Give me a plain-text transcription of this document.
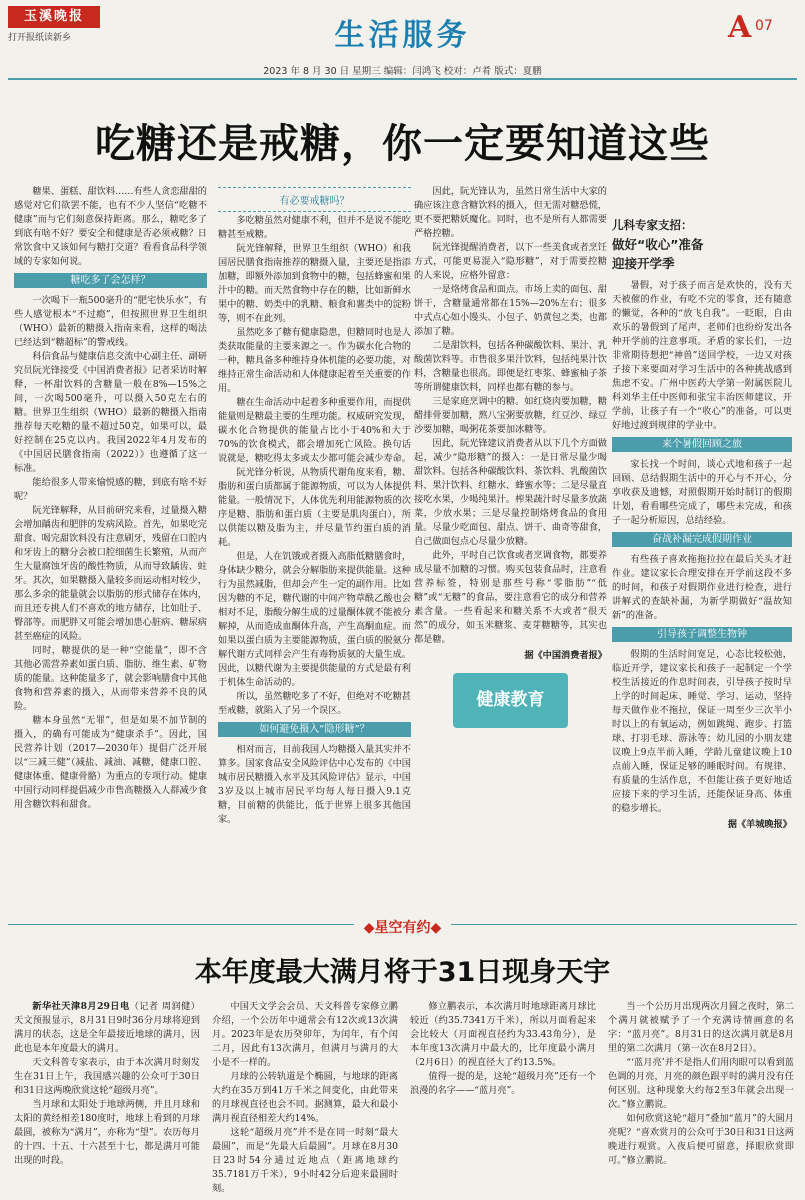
玉溪晚报
打开报纸读新乡	生活服务	A 07
2023 年 8 月 30 日 星期三 编辑：闫鸿飞 校对：卢肴 版式：夏鹏
吃糖还是戒糖，你一定要知道这些

糖果、蛋糕、甜饮料……有些人贪恋甜甜的感觉对它们欲罢不能，也有不少人坚信“吃糖不健康”而与它们刻意保持距离。那么，糖吃多了到底有啥不好？要安全和健康是否必须戒糖？日常饮食中又该如何与糖打交道？看看食品科学领域的专家如何说。

糖吃多了会怎样？

一次喝下一瓶500毫升的“肥宅快乐水”，有些人感觉根本“不过瘾”，但按照世界卫生组织（WHO）最新的糖摄入指南来看，这样的喝法已经达到“糖超标”的警戒线。

科信食品与健康信息交流中心副主任、副研究员阮光锋接受《中国消费者报》记者采访时解释，一杯甜饮料的含糖量一般在8%—15%之间，一次喝500毫升，可以摄入50克左右的糖。世界卫生组织（WHO）最新的糖摄入指南推荐每天吃糖的量不超过50克，如果可以，最好控制在25克以内。我国2022年4月发布的《中国居民膳食指南（2022）》也遵循了这一标准。

能给很多人带来愉悦感的糖，到底有啥不好呢？

阮光锋解释，从目前研究来看，过量摄入糖会增加龋齿和肥胖的发病风险。首先，如果吃完甜食、喝完甜饮料没有注意刷牙，残留在口腔内和牙齿上的糖分会被口腔细菌生长繁殖，从而产生大量腐蚀牙齿的酸性物质，从而导致龋齿、蛀牙。其次，如果糖摄入量较多而运动相对较少，那么多余的能量就会以脂肪的形式储存在体内，而且还专挑人们不喜欢的地方储存，比如肚子、臀部等。而肥胖又可能会增加患心脏病、糖尿病甚至癌症的风险。

同时，糖提供的是一种“空能量”，即不含其他必需营养素如蛋白质、脂肪、维生素、矿物质的能量。这种能量多了，就会影响膳食中其他食物和营养素的摄入，从而带来营养不良的风险。

糖本身虽然“无罪”，但是如果不加节制的摄入，的确有可能成为“健康杀手”。因此，国民营养计划（2017—2030年）提倡广泛开展以“三减三健”（减盐、减油、减糖，健康口腔、健康体重、健康骨骼）为重点的专项行动。健康中国行动同样提倡减少市售高糖摄入人群减少食用含糖饮料和甜食。

有必要戒糖吗？

多吃糖虽然对健康不利，但并不是说不能吃糖甚至戒糖。

阮光锋解释，世界卫生组织（WHO）和我国居民膳食指南推荐的糖摄入量，主要还是指添加糖，即额外添加到食物中的糖，包括蜂蜜和果汁中的糖。而天然食物中存在的糖，比如新鲜水果中的糖、奶类中的乳糖、粮食和薯类中的淀粉等，则不在此列。

虽然吃多了糖有健康隐患，但糖同时也是人类获取能量的主要来源之一。作为碳水化合物的一种，糖具备多种维持身体机能的必要功能，对维持正常生命活动和人体健康起着至关重要的作用。

糖在生命活动中起着多种重要作用，而提供能量则是糖最主要的生理功能。权威研究发现，碳水化合物提供的能量占比小于40%和大于70%的饮食模式，都会增加死亡风险。换句话说就是，糖吃得太多或太少都可能会减少寿命。

阮光锋分析说，从物质代谢角度来看，糖、脂肪和蛋白质都属于能源物质，可以为人体提供能量。一般情况下，人体优先利用能源物质的次序是糖、脂肪和蛋白质（主要是肌肉蛋白），所以供能以糖及脂为主，并尽量节约蛋白质的消耗。

但是，人在饥饿或者摄入高脂低糖膳食时，身体缺少糖分，就会分解脂肪来提供能量。这种行为虽然减脂，但却会产生一定的副作用。比如因为糖的不足，糖代谢的中间产物草酰乙酸也会相对不足，脂酸分解生成的过量酮体就不能被分解掉，从而造成血酮体升高，产生高酮血症。而如果以蛋白质为主要能源物质，蛋白质的脱氨分解代谢方式同样会产生有毒物质氨的大量生成。因此，以糖代谢为主要提供能量的方式是最有利于机体生命活动的。

所以，虽然糖吃多了不好，但绝对不吃糖甚至戒糖，就陷入了另一个误区。

如何避免摄入“隐形糖”？

相对而言，目前我国人均糖摄入量其实并不算多。国家食品安全风险评估中心发布的《中国城市居民糖摄入水平及其风险评估》显示，中国3岁及以上城市居民平均每人每日摄入9.1克糖，目前糖的供能比，低于世界上很多其他国家。

因此，阮光锋认为，虽然日常生活中大家的确应该注意含糖饮料的摄入，但无需对糖恐慌，更不要把糖妖魔化。同时，也不是所有人都需要严格控糖。

阮光锋提醒消费者，以下一些美食或者烹饪方式，可能更易混入“隐形糖”，对于需要控糖的人来说，应格外留意：

一是烙烤食品和面点。市场上卖的面包、甜饼干，含糖量通常都在15%—20%左右；很多中式点心如小馒头、小包子、奶黄包之类，也都添加了糖。

二是甜饮料，包括各种碳酸饮料、果汁、乳酸菌饮料等。市售很多果汁饮料，包括纯果汁饮料，含糖量也很高。即便是红枣浆、蜂蜜柚子茶等所谓健康饮料，同样也都有糖的参与。

三是家庭烹调中的糖。如红烧肉要加糖，糖醋排骨要加糖，熬八宝粥要放糖，红豆沙、绿豆沙要加糖，喝粥花茶要加冰糖等。

因此，阮光锋建议消费者从以下几个方面做起，减少“隐形糖”的摄入：一是日常尽量少喝甜饮料。包括各种碳酸饮料、茶饮料、乳酸菌饮料、果汁饮料、红糖水、蜂蜜水等；二是尽量直接吃水果，少喝纯果汁。榨果蔬汁时尽量多放蔬菜，少放水果；三是尽量控制烙烤食品的食用量。尽量少吃面包、甜点、饼干、曲奇等甜食，自己做面包点心尽量少放糖。

此外，平时自己饮食或者烹调食物，都要养成尽量不加糖的习惯。购买包装食品时，注意看营养标签，特别是那些号称“零脂肪”“低糖”或“无糖”的食品，要注意看它的成分和营养素含量。一些看起来和糖关系不大或者“很天然”的成分，如玉米糖浆、麦芽糖糖等，其实也都是糖。

据《中国消费者报》
健康教育
儿科专家支招：
做好“收心”准备
迎接开学季

暑假，对于孩子而言是欢快的，没有天天被催的作业，有吃不完的零食，还有随意的懒觉，各种的“放飞自我”。一眨眼，自由欢乐的暑假到了尾声，老师们也纷纷发出各种开学前的注意事项。矛盾的家长们，一边非常期待想把“神兽”送回学校，一边又对孩子接下来要面对学习生活中的各种挑战感到焦虑不安。广州中医药大学第一附属医院儿科刘华主任中医师和张宝丰治医师建议，开学前，让孩子有一个“收心”的准备，可以更好地过渡到规律的学业中。

来个暑假回顾之旅

家长找一个时间，谈心式地和孩子一起回顾、总结假期生活中的开心与不开心，分享收获及遗憾，对照假期开始时制订的假期计划，看看哪些完成了，哪些未完成，和孩子一起分析原因，总结经验。

奋战补漏完成假期作业

有些孩子喜欢拖拖拉拉在最后关头才赶作业。建议家长合理安排在开学前这段不多的时间，和孩子对假期作业进行检查，进行讲解式的查缺补漏，为新学期做好“温故知新”的准备。

引导孩子调整生物钟

假期的生活时间宽足，心态比较松弛，临近开学，建议家长和孩子一起制定一个学校生活接近的作息时间表，引导孩子按时早上学的时间起床、睡觉、学习、运动，坚持每天做作业不拖拉，保证一周至少三次半小时以上的有氧运动，例如跳绳、跑步、打篮球、打羽毛球、游泳等；幼儿园的小朋友建议晚上9点半前入睡，学龄儿童建议晚上10点前入睡，保证足够的睡眠时间。有规律、有质量的生活作息，不但能让孩子更好地适应接下来的学习生活，还能保证身高、体重的稳步增长。

据《羊城晚报》
◆星空有约◆
本年度最大满月将于31日现身天宇

新华社天津8月29日电（记者 周润健）天文预报显示，8月31日9时36分月球将迎到满月的状态，这是全年最接近地球的满月，因此也是本年度最大的满月。

天文科普专家表示，由于本次满月时刻发生在31日上午，我国感兴趣的公众可于30日和31日这两晚欣赏这轮“超级月亮”。

当月球和太阳处于地球两侧，并且月球和太阳的黄经相差180度时，地球上看到的月球最圆，被称为“满月”，亦称为“望”。农历每月的十四、十五、十六甚至十七，都是满月可能出现的时段。

中国天文学会会员、天文科普专家修立鹏介绍，一个公历年中通常会有12次或13次满月。2023年是农历癸卯年，为闰年，有个闰二月，因此有13次满月，但满月与满月的大小是不一样的。

月球的公转轨道是个椭圆，与地球的距离大约在35万到41万千米之间变化，由此带来的月球视直径也会不同。据测算，最大和最小满月视直径相差大约14%。

这轮“超级月亮”并不是在同一时刻“最大最圆”，而是“先最大后最圆”。月球在8月30日23时54分通过近地点（距离地球约35.7181万千米），9小时42分后迎来最圆时刻。

修立鹏表示，本次满月时地球距离月球比较近（约35.7341万千米），所以月面看起来会比较大（月面视直径约为33.43角分），是本年度13次满月中最大的，比年度最小满月（2月6日）的视直径大了约13.5%。

值得一提的是，这轮“超级月亮”还有一个浪漫的名字——“蓝月亮”。

当一个公历月出现两次月圆之夜时，第二个满月就被赋予了一个充满诗情画意的名字：“蓝月亮”。8月31日的这次满月就是8月里的第二次满月（第一次在8月2日）。

“‘蓝月亮’并不是指人们用肉眼可以看到蓝色调的月亮，月亮的颜色跟平时的满月没有任何区别。这种现象大约每2至3年就会出现一次。”修立鹏说。

如何欣赏这轮“超月”叠加“蓝月”的大圆月亮呢？“喜欢赏月的公众可于30日和31日这两晚进行观赏。入夜后便可留意，择眼欣赏即可。”修立鹏说。
